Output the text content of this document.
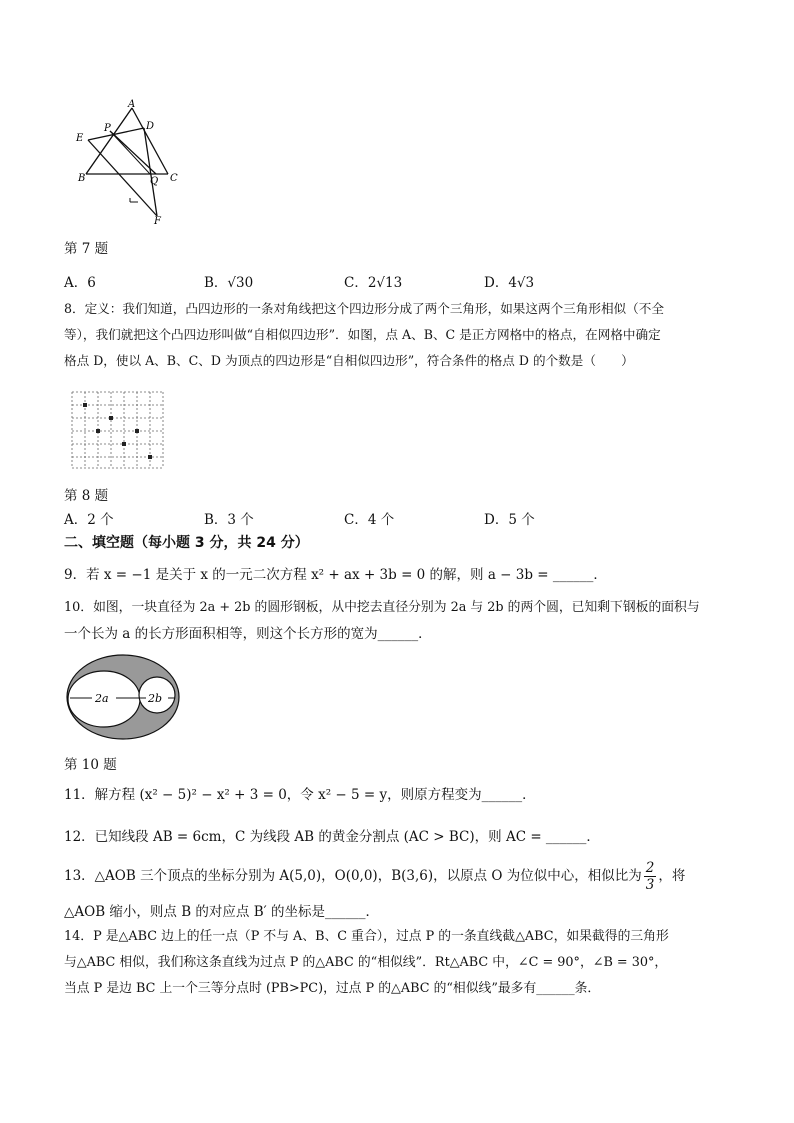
A
P	D
E
B	Q C
F
第 7 题
A．6	B．√30	C．2√13	D．4√3
8．定义：我们知道，凸四边形的一条对角线把这个四边形分成了两个三角形，如果这两个三角形相似（不全
等），我们就把这个凸四边形叫做“自相似四边形”．如图，点 A、B、C 是正方网格中的格点，在网格中确定
格点 D，使以 A、B、C、D 为顶点的四边形是“自相似四边形”，符合条件的格点 D 的个数是（　　）
第 8 题
A．2 个	B．3 个	C．4 个	D．5 个
二、填空题（每小题 3 分，共 24 分）
9．若 x = −1 是关于 x 的一元二次方程 x² + ax + 3b = 0 的解，则 a − 3b = ______．
10．如图，一块直径为 2a + 2b 的圆形钢板，从中挖去直径分别为 2a 与 2b 的两个圆，已知剩下钢板的面积与
一个长为 a 的长方形面积相等，则这个长方形的宽为______．
2a	2b
第 10 题
11．解方程 (x² − 5)² − x² + 3 = 0，令 x² − 5 = y，则原方程变为______．
12．已知线段 AB = 6cm，C 为线段 AB 的黄金分割点 (AC > BC)，则 AC = ______．
13．△AOB 三个顶点的坐标分别为 A(5,0)，O(0,0)，B(3,6)，以原点 O 为位似中心，相似比为 $\frac{2}{3}$ ，将
△AOB 缩小，则点 B 的对应点 B′ 的坐标是______．
14．P 是△ABC 边上的任一点（P 不与 A、B、C 重合），过点 P 的一条直线截△ABC，如果截得的三角形
与△ABC 相似，我们称这条直线为过点 P 的△ABC 的“相似线”．Rt△ABC 中，∠C = 90°，∠B = 30°，
当点 P 是边 BC 上一个三等分点时 (PB>PC)，过点 P 的△ABC 的“相似线”最多有______条．
